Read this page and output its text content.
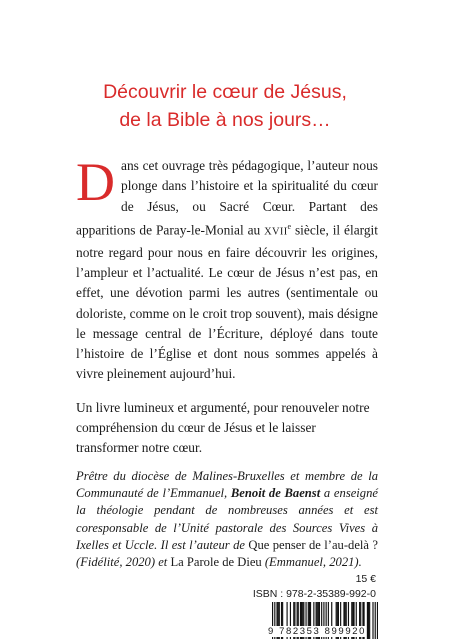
Découvrir le cœur de Jésus,
de la Bible à nos jours…

Dans cet ouvrage très pédagogique, l’auteur nous plonge dans l’histoire et la spiritualité du cœur de Jésus, ou Sacré Cœur. Partant des apparitions de Paray-le-Monial au XVIIe siècle, il élargit notre regard pour nous en faire découvrir les origines, l’ampleur et l’actualité. Le cœur de Jésus n’est pas, en effet, une dévotion parmi les autres (sentimentale ou doloriste, comme on le croit trop souvent), mais désigne le message central de l’Écriture, déployé dans toute l’histoire de l’Église et dont nous sommes appelés à vivre pleinement aujourd’hui.

Un livre lumineux et argumenté, pour renouveler notre compréhension du cœur de Jésus et le laisser transformer notre cœur.

Prêtre du diocèse de Malines-Bruxelles et membre de la Communauté de l’Emmanuel, Benoit de Baenst a enseigné la théologie pendant de nombreuses années et est coresponsable de l’Unité pastorale des Sources Vives à Ixelles et Uccle. Il est l’auteur de Que penser de l’au-delà ? (Fidélité, 2020) et La Parole de Dieu (Emmanuel, 2021).

15 €
ISBN : 978-2-35389-992-0
9 782353 899920
